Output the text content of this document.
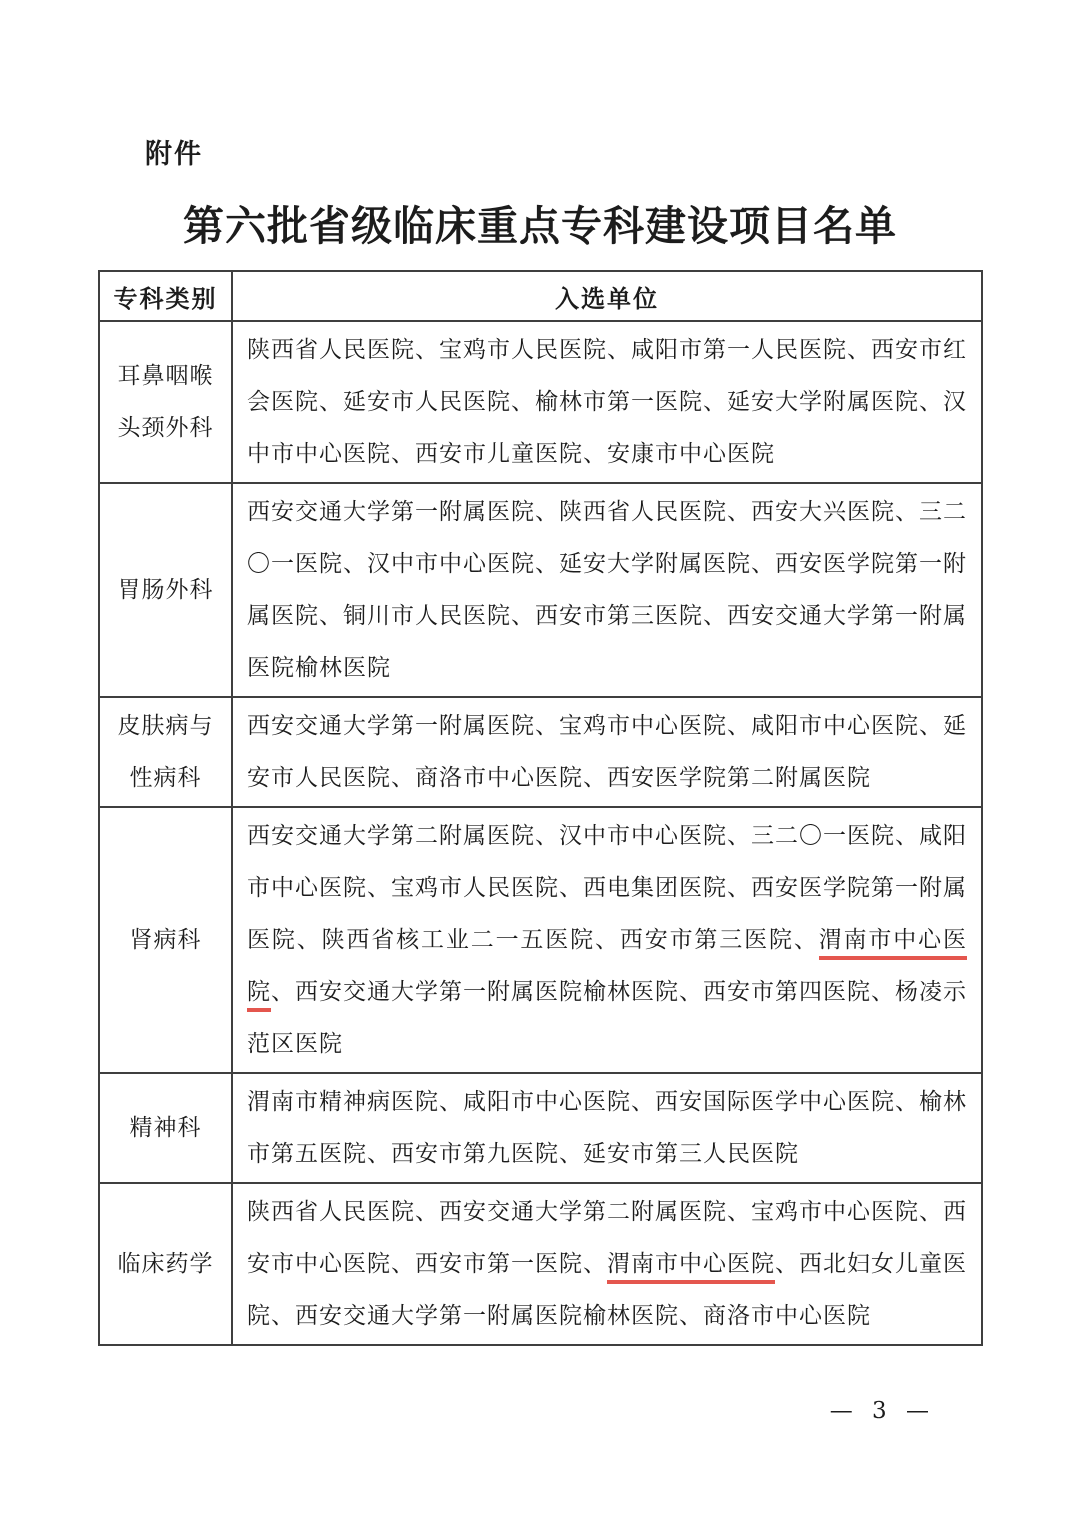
附件
第六批省级临床重点专科建设项目名单
专科类别	入选单位
耳鼻咽喉头颈外科	陕西省人民医院、宝鸡市人民医院、咸阳市第一人民医院、西安市红会医院、延安市人民医院、榆林市第一医院、延安大学附属医院、汉中市中心医院、西安市儿童医院、安康市中心医院
胃肠外科	西安交通大学第一附属医院、陕西省人民医院、西安大兴医院、三二〇一医院、汉中市中心医院、延安大学附属医院、西安医学院第一附属医院、铜川市人民医院、西安市第三医院、西安交通大学第一附属医院榆林医院
皮肤病与性病科	西安交通大学第一附属医院、宝鸡市中心医院、咸阳市中心医院、延安市人民医院、商洛市中心医院、西安医学院第二附属医院
肾病科	西安交通大学第二附属医院、汉中市中心医院、三二〇一医院、咸阳市中心医院、宝鸡市人民医院、西电集团医院、西安医学院第一附属医院、陕西省核工业二一五医院、西安市第三医院、渭南市中心医院、西安交通大学第一附属医院榆林医院、西安市第四医院、杨凌示范区医院
精神科	渭南市精神病医院、咸阳市中心医院、西安国际医学中心医院、榆林市第五医院、西安市第九医院、延安市第三人民医院
临床药学	陕西省人民医院、西安交通大学第二附属医院、宝鸡市中心医院、西安市中心医院、西安市第一医院、渭南市中心医院、西北妇女儿童医院、西安交通大学第一附属医院榆林医院、商洛市中心医院
— 3 —
